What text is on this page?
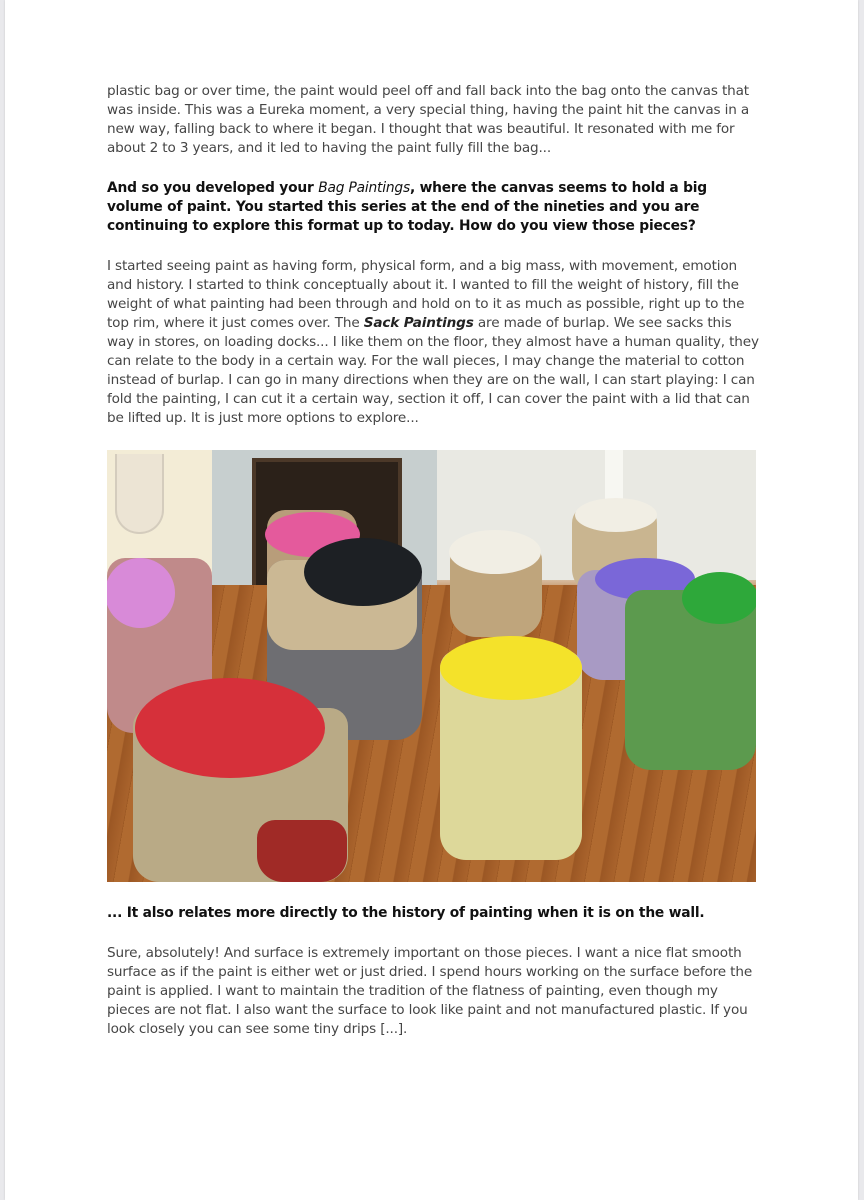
plastic bag or over time, the paint would peel off and fall back into the bag onto the canvas that was inside. This was a Eureka moment, a very special thing, having the paint hit the canvas in a new way, falling back to where it began. I thought that was beautiful. It resonated with me for about 2 to 3 years, and it led to having the paint fully fill the bag...

And so you developed your Bag Paintings, where the canvas seems to hold a big volume of paint. You started this series at the end of the nineties and you are continuing to explore this format up to today. How do you view those pieces?

I started seeing paint as having form, physical form, and a big mass, with movement, emotion and history. I started to think conceptually about it. I wanted to fill the weight of history, fill the weight of what painting had been through and hold on to it as much as possible, right up to the top rim, where it just comes over. The Sack Paintings are made of burlap. We see sacks this way in stores, on loading docks... I like them on the floor, they almost have a human quality, they can relate to the body in a certain way. For the wall pieces, I may change the material to cotton instead of burlap. I can go in many directions when they are on the wall, I can start playing: I can fold the painting, I can cut it a certain way, section it off, I can cover the paint with a lid that can be lifted up. It is just more options to explore...

... It also relates more directly to the history of painting when it is on the wall.

Sure, absolutely! And surface is extremely important on those pieces. I want a nice flat smooth surface as if the paint is either wet or just dried. I spend hours working on the surface before the paint is applied. I want to maintain the tradition of the flatness of painting, even though my pieces are not flat. I also want the surface to look like paint and not manufactured plastic. If you look closely you can see some tiny drips [...].
